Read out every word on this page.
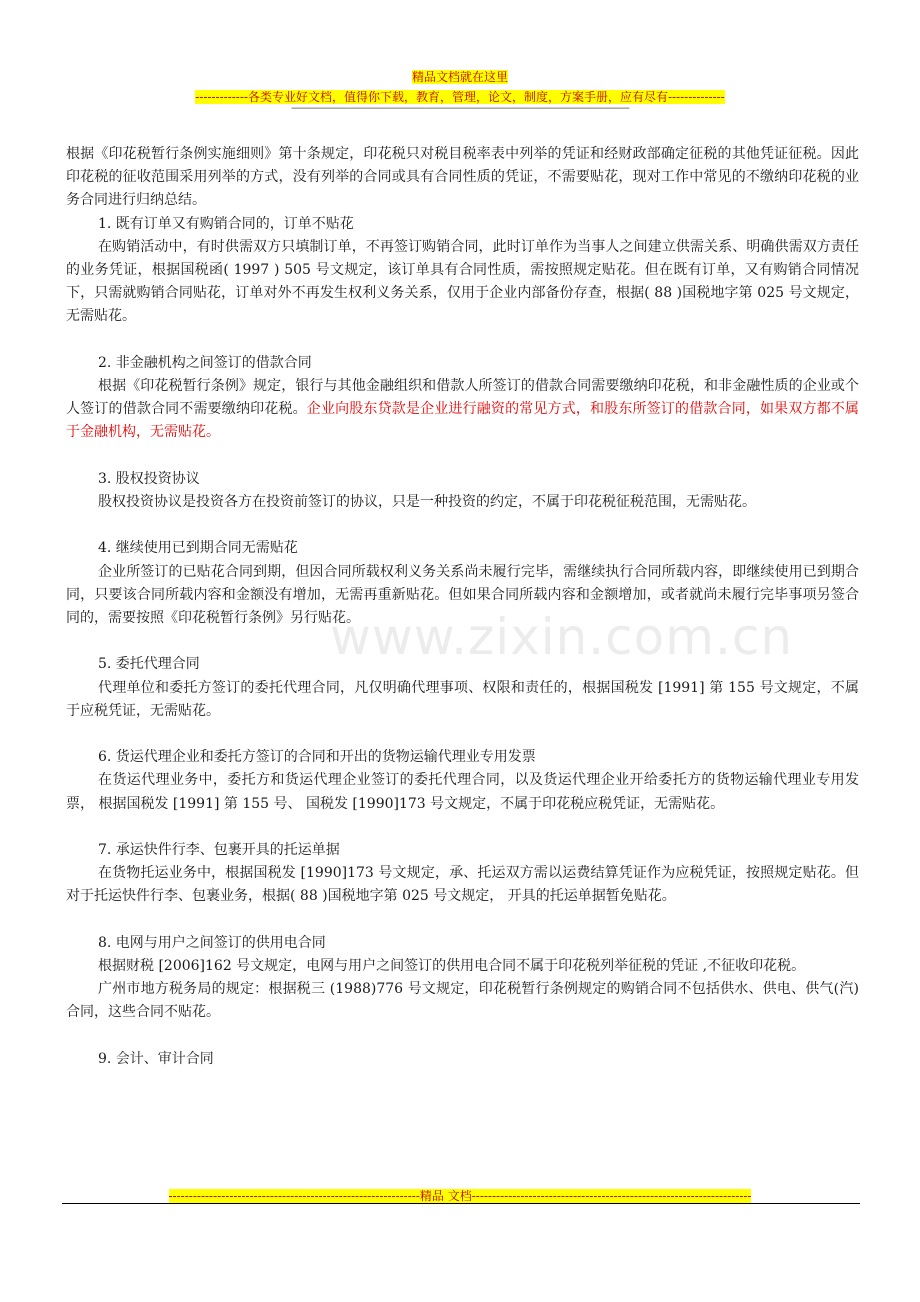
精品文档就在这里
-------------各类专业好文档，值得你下载，教育，管理，论文，制度，方案手册，应有尽有--------------
----------------------------------------------------------------------------------------------------------------------------------------------
www.zixin.com.cn

根据《印花税暂行条例实施细则》第十条规定，印花税只对税目税率表中列举的凭证和经财政部确定征税的其他凭证征税。因此印花税的征收范围采用列举的方式，没有列举的合同或具有合同性质的凭证，不需要贴花，现对工作中常见的不缴纳印花税的业务合同进行归纳总结。

1. 既有订单又有购销合同的，订单不贴花

在购销活动中，有时供需双方只填制订单，不再签订购销合同，此时订单作为当事人之间建立供需关系、明确供需双方责任的业务凭证，根据国税函( 1997 ) 505 号文规定，该订单具有合同性质，需按照规定贴花。但在既有订单，又有购销合同情况下，只需就购销合同贴花，订单对外不再发生权利义务关系，仅用于企业内部备份存查，根据( 88 )国税地字第 025 号文规定，无需贴花。

2. 非金融机构之间签订的借款合同

根据《印花税暂行条例》规定，银行与其他金融组织和借款人所签订的借款合同需要缴纳印花税，和非金融性质的企业或个人签订的借款合同不需要缴纳印花税。企业向股东贷款是企业进行融资的常见方式，和股东所签订的借款合同，如果双方都不属于金融机构，无需贴花。

3. 股权投资协议

股权投资协议是投资各方在投资前签订的协议，只是一种投资的约定，不属于印花税征税范围，无需贴花。

4. 继续使用已到期合同无需贴花

企业所签订的已贴花合同到期，但因合同所载权利义务关系尚未履行完毕，需继续执行合同所载内容，即继续使用已到期合同，只要该合同所载内容和金额没有增加，无需再重新贴花。但如果合同所载内容和金额增加，或者就尚未履行完毕事项另签合同的，需要按照《印花税暂行条例》另行贴花。

5. 委托代理合同

代理单位和委托方签订的委托代理合同，凡仅明确代理事项、权限和责任的，根据国税发 [1991] 第 155 号文规定，不属于应税凭证，无需贴花。

6. 货运代理企业和委托方签订的合同和开出的货物运输代理业专用发票

在货运代理业务中，委托方和货运代理企业签订的委托代理合同，以及货运代理企业开给委托方的货物运输代理业专用发票， 根据国税发 [1991] 第 155 号、 国税发 [1990]173 号文规定，不属于印花税应税凭证，无需贴花。

7. 承运快件行李、包裹开具的托运单据

在货物托运业务中，根据国税发 [1990]173 号文规定，承、托运双方需以运费结算凭证作为应税凭证，按照规定贴花。但对于托运快件行李、包裹业务，根据( 88 )国税地字第 025 号文规定， 开具的托运单据暂免贴花。

8. 电网与用户之间签订的供用电合同

根据财税 [2006]162 号文规定，电网与用户之间签订的供用电合同不属于印花税列举征税的凭证 ,不征收印花税。

广州市地方税务局的规定：根据税三 (1988)776 号文规定，印花税暂行条例规定的购销合同不包括供水、供电、供气(汽)合同，这些合同不贴花。

9. 会计、审计合同

--------------------------------------------------------------精品 文档---------------------------------------------------------------------
